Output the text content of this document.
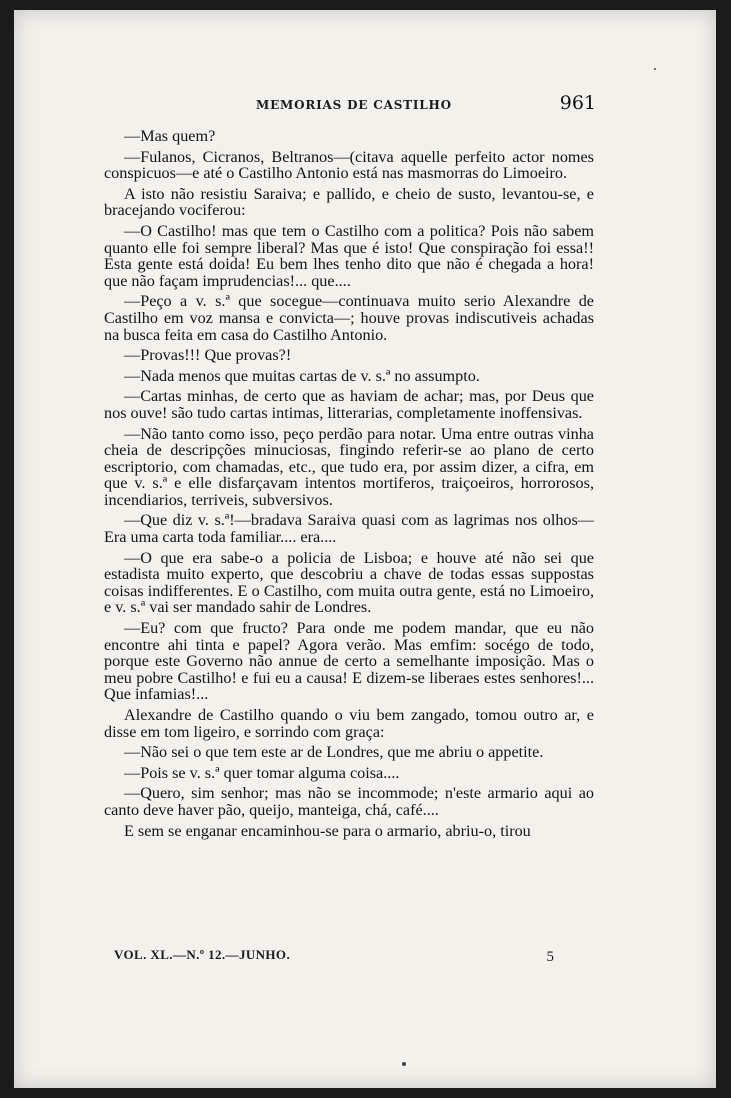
MEMORIAS DE CASTILHO	961

—Mas quem?

—Fulanos, Cicranos, Beltranos—(citava aquelle perfeito actor nomes conspicuos—e até o Castilho Antonio está nas masmorras do Limoeiro.

A isto não resistiu Saraiva; e pallido, e cheio de susto, levantou-se, e bracejando vociferou:

—O Castilho! mas que tem o Castilho com a politica? Pois não sabem quanto elle foi sempre liberal? Mas que é isto! Que conspiração foi essa!! Esta gente está doida! Eu bem lhes tenho dito que não é chegada a hora! que não façam imprudencias!... que....

—Peço a v. s.ª que socegue—continuava muito serio Alexandre de Castilho em voz mansa e convicta—; houve provas indiscutiveis achadas na busca feita em casa do Castilho Antonio.

—Provas!!! Que provas?!

—Nada menos que muitas cartas de v. s.ª no assumpto.

—Cartas minhas, de certo que as haviam de achar; mas, por Deus que nos ouve! são tudo cartas intimas, litterarias, completamente inoffensivas.

—Não tanto como isso, peço perdão para notar. Uma entre outras vinha cheia de descripções minuciosas, fingindo referir-se ao plano de certo escriptorio, com chamadas, etc., que tudo era, por assim dizer, a cifra, em que v. s.ª e elle disfarçavam intentos mortiferos, traiçoeiros, horrorosos, incendiarios, terriveis, subversivos.

—Que diz v. s.ª!—bradava Saraiva quasi com as lagrimas nos olhos—Era uma carta toda familiar.... era....

—O que era sabe-o a policia de Lisboa; e houve até não sei que estadista muito experto, que descobriu a chave de todas essas suppostas coisas indifferentes. E o Castilho, com muita outra gente, está no Limoeiro, e v. s.ª vai ser mandado sahir de Londres.

—Eu? com que fructo? Para onde me podem mandar, que eu não encontre ahi tinta e papel? Agora verão. Mas emfim: socégo de todo, porque este Governo não annue de certo a semelhante imposição. Mas o meu pobre Castilho! e fui eu a causa! E dizem-se liberaes estes senhores!... Que infamias!...

Alexandre de Castilho quando o viu bem zangado, tomou outro ar, e disse em tom ligeiro, e sorrindo com graça:

—Não sei o que tem este ar de Londres, que me abriu o appetite.

—Pois se v. s.ª quer tomar alguma coisa....

—Quero, sim senhor; mas não se incommode; n'este armario aqui ao canto deve haver pão, queijo, manteiga, chá, café....

E sem se enganar encaminhou-se para o armario, abriu-o, tirou

VOL. XL.—N.º 12.—JUNHO.	5
